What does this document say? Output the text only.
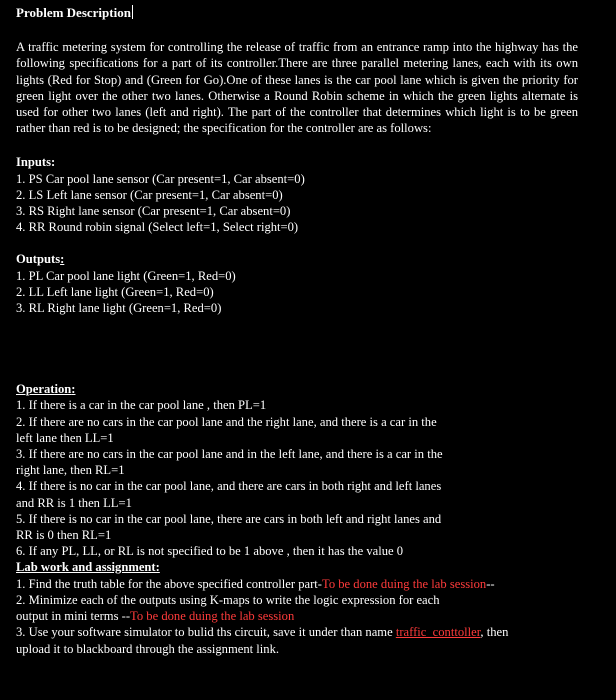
Problem Description
A traffic metering system for controlling the release of traffic from an entrance ramp into the highway has the following specifications for a part of its controller.There are three parallel metering lanes, each with its own lights (Red for Stop) and (Green for Go).One of these lanes is the car pool lane which is given the priority for green light over the other two lanes. Otherwise a Round Robin scheme in which the green lights alternate is used for other two lanes (left and right). The part of the controller that determines which light is to be green rather than red is to be designed; the specification for the controller are as follows:
Inputs:
1. PS Car pool lane sensor (Car present=1, Car absent=0)
2. LS Left lane sensor (Car present=1, Car absent=0)
3. RS Right lane sensor (Car present=1, Car absent=0)
4. RR Round robin signal (Select left=1, Select right=0)
Outputs:
1. PL Car pool lane light (Green=1, Red=0)
2. LL Left lane light (Green=1, Red=0)
3. RL Right lane light (Green=1, Red=0)
Operation:
1. If there is a car in the car pool lane , then PL=1
2. If there are no cars in the car pool lane and the right lane, and there is a car in the
left lane then LL=1
3. If there are no cars in the car pool lane and in the left lane, and there is a car in the
right lane, then RL=1
4. If there is no car in the car pool lane, and there are cars in both right and left lanes
and RR is 1 then LL=1
5. If there is no car in the car pool lane, there are cars in both left and right lanes and
RR is 0 then RL=1
6. If any PL, LL, or RL is not specified to be 1 above , then it has the value 0
Lab work and assignment:
1. Find the truth table for the above specified controller part-To be done duing the lab session--
2. Minimize each of the outputs using K-maps to write the logic expression for each
output in mini terms --To be done duing the lab session
3. Use your software simulator to bulid ths circuit, save it under than name traffic_conttoller, then
upload it to blackboard through the assignment link.
